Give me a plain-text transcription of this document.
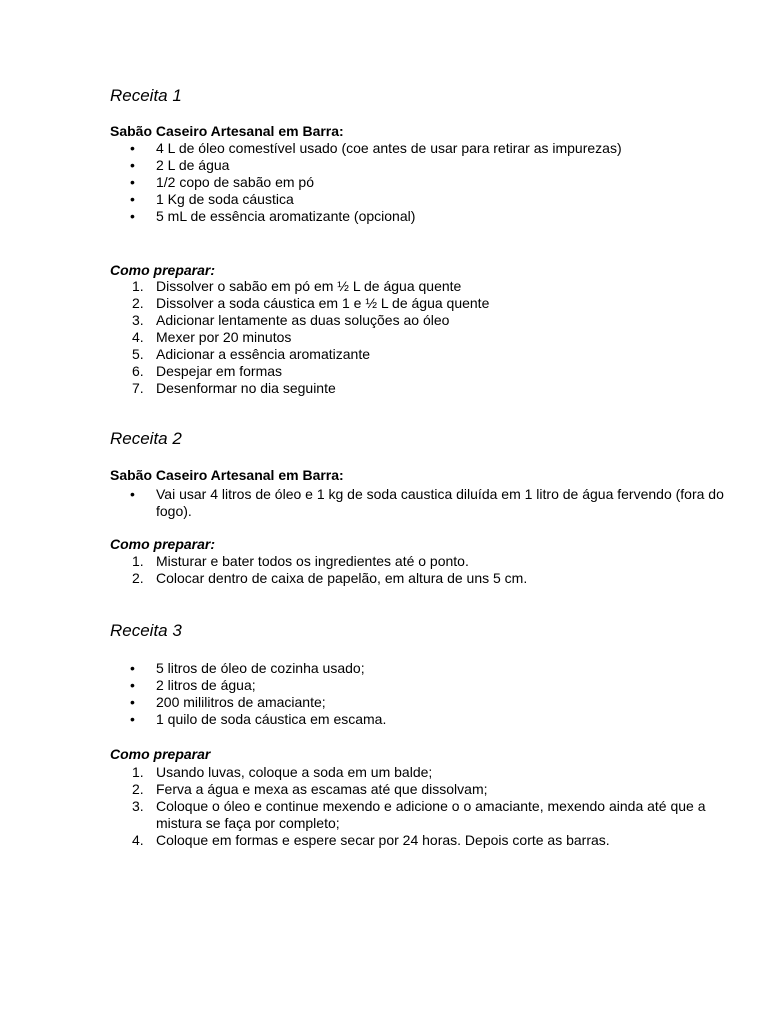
Receita 1

Sabão Caseiro Artesanal em Barra:

• 4 L de óleo comestível usado (coe antes de usar para retirar as impurezas)
• 2 L de água
• 1/2 copo de sabão em pó
• 1 Kg de soda cáustica
• 5 mL de essência aromatizante (opcional)

Como preparar:

1. Dissolver o sabão em pó em ½ L de água quente
2. Dissolver a soda cáustica em 1 e ½ L de água quente
3. Adicionar lentamente as duas soluções ao óleo
4. Mexer por 20 minutos
5. Adicionar a essência aromatizante
6. Despejar em formas
7. Desenformar no dia seguinte
Receita 2

Sabão Caseiro Artesanal em Barra:

• Vai usar 4 litros de óleo e 1 kg de soda caustica diluída em 1 litro de água fervendo (fora do fogo).

Como preparar:

1. Misturar e bater todos os ingredientes até o ponto.
2. Colocar dentro de caixa de papelão, em altura de uns 5 cm.
Receita 3
• 5 litros de óleo de cozinha usado;
• 2 litros de água;
• 200 mililitros de amaciante;
• 1 quilo de soda cáustica em escama.

Como preparar

1. Usando luvas, coloque a soda em um balde;
2. Ferva a água e mexa as escamas até que dissolvam;
3. Coloque o óleo e continue mexendo e adicione o o amaciante, mexendo ainda até que a mistura se faça por completo;
4. Coloque em formas e espere secar por 24 horas. Depois corte as barras.
